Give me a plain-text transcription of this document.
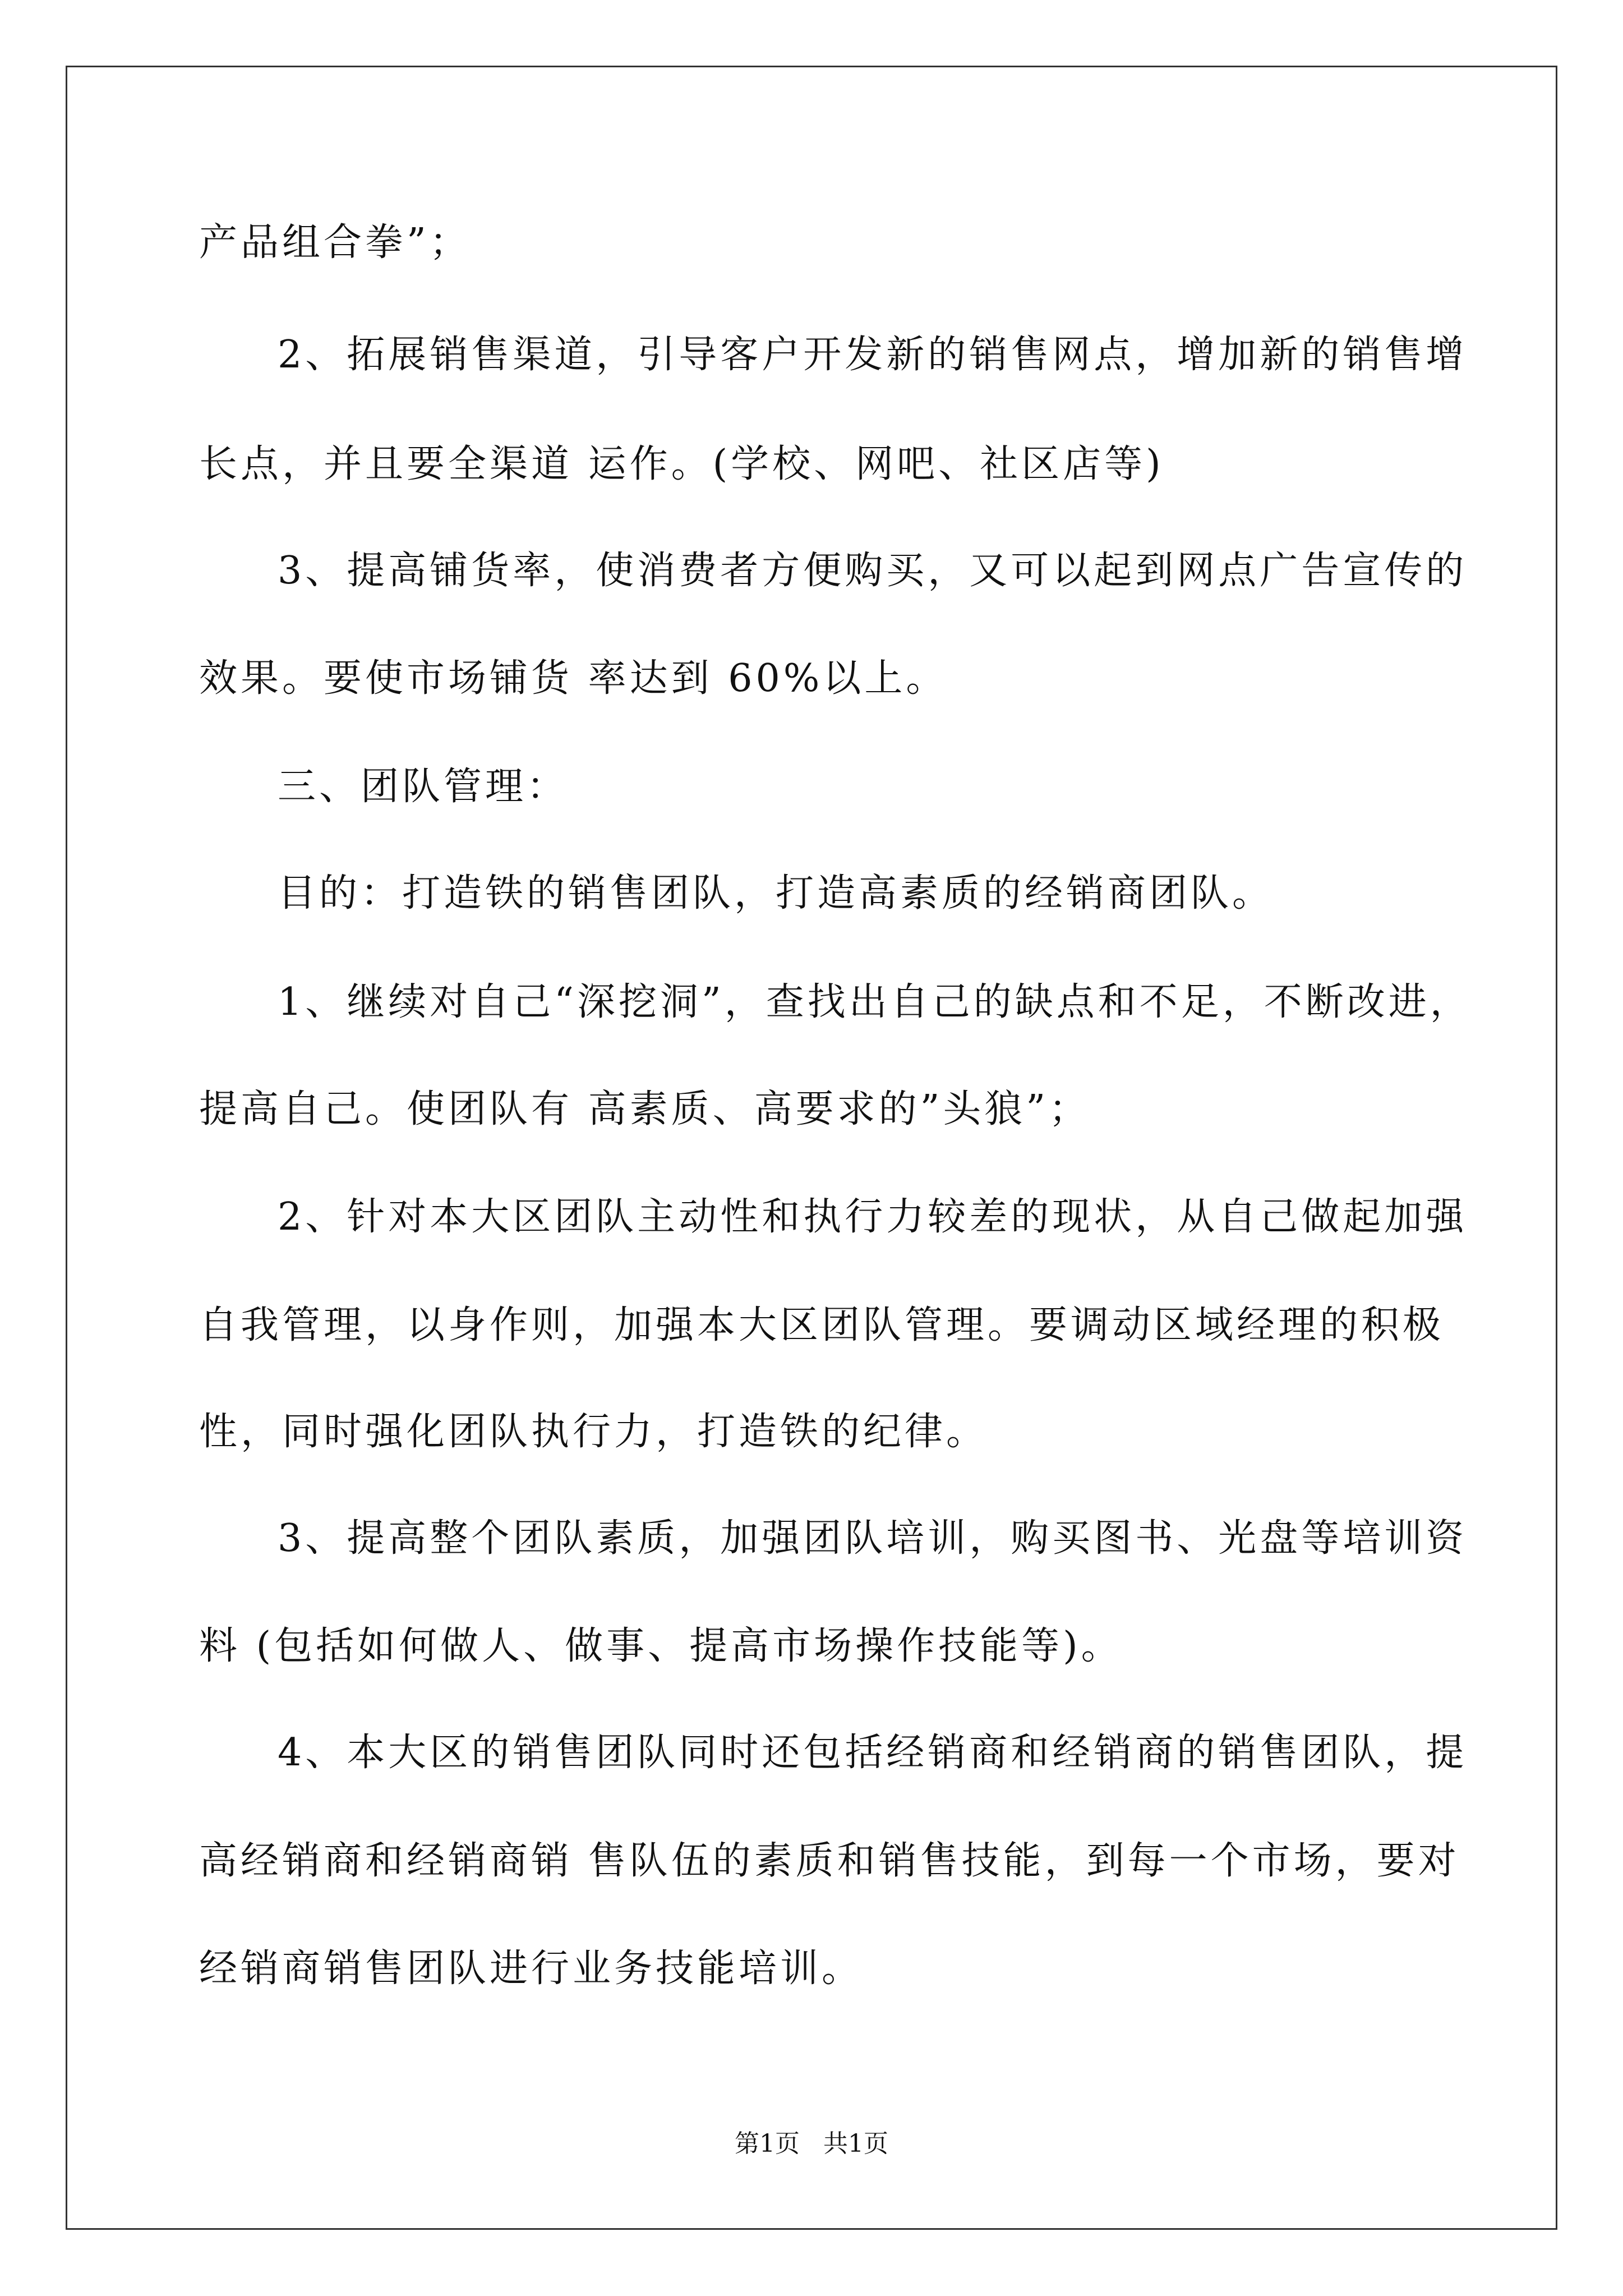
产品组合拳”；
2、拓展销售渠道，引导客户开发新的销售网点，增加新的销售增
长点，并且要全渠道 运作。(学校、网吧、社区店等)
3、提高铺货率，使消费者方便购买，又可以起到网点广告宣传的
效果。要使市场铺货 率达到 60%以上。
三、团队管理：
目的：打造铁的销售团队，打造高素质的经销商团队。
1、继续对自己“深挖洞”，查找出自己的缺点和不足，不断改进，
提高自己。使团队有 高素质、高要求的”头狼”；
2、针对本大区团队主动性和执行力较差的现状，从自己做起加强
自我管理，以身作则，加强本大区团队管理。要调动区域经理的积极
性，同时强化团队执行力，打造铁的纪律。
3、提高整个团队素质，加强团队培训，购买图书、光盘等培训资
料 (包括如何做人、做事、提高市场操作技能等)。
4、本大区的销售团队同时还包括经销商和经销商的销售团队，提
高经销商和经销商销 售队伍的素质和销售技能，到每一个市场，要对
经销商销售团队进行业务技能培训。
第1页   共1页
